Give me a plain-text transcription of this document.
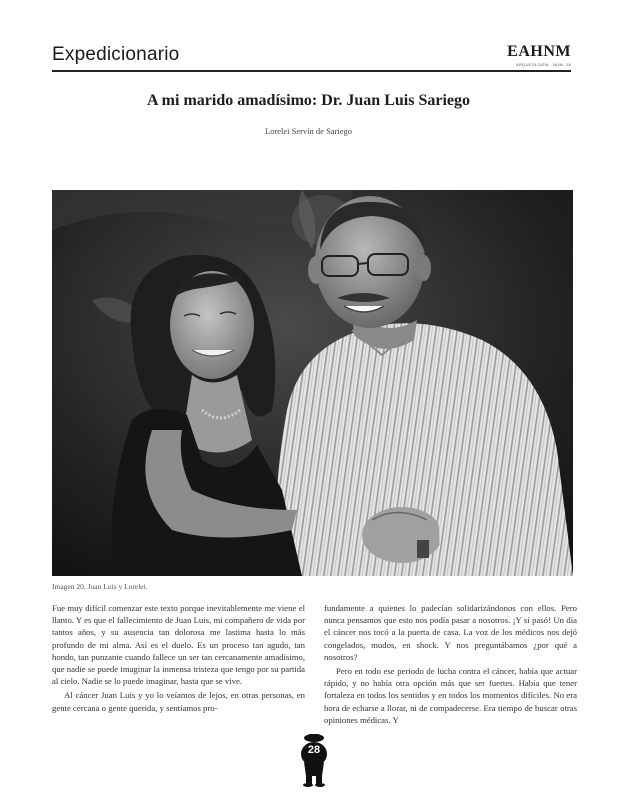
Expedicionario	EAHNM
ARQUEOLOGÍA · NÚM. 18
A mi marido amadísimo: Dr. Juan Luis Sariego
Lorelei Servín de Sariego
Imagen 20. Juan Luis y Lorelei.

Fue muy difícil comenzar este texto porque inevitablemente me viene el llanto. Y es que el fallecimiento de Juan Luis, mi compañero de vida por tantos años, y su ausencia tan dolorosa me lastima hasta lo más profundo de mi alma. Así es el duelo. Es un proceso tan agudo, tan hondo, tan punzante cuando fallece un ser tan cercanamente amadísimo, que nadie se puede imaginar la inmensa tristeza que tengo por su partida al cielo. Nadie se lo puede imaginar, hasta que se vive.

Al cáncer Juan Luis y yo lo veíamos de lejos, en otras personas, en gente cercana o gente querida, y sentíamos pro-

fundamente a quienes lo padecían solidarizándonos con ellos. Pero nunca pensamos que esto nos podía pasar a nosotros. ¡Y sí pasó! Un día el cáncer nos tocó a la puerta de casa. La voz de los médicos nos dejó congelados, mudos, en shock. Y nos preguntábamos ¿por qué a nosotros?

Pero en todo ese periodo de lucha contra el cáncer, había que actuar rápido, y no había otra opción más que ser fuertes. Había que tener fortaleza en todos los sentidos y en todos los momentos difíciles. No era hora de echarse a llorar, ni de compadecerse. Era tiempo de buscar otras opiniones médicas. Y

28
